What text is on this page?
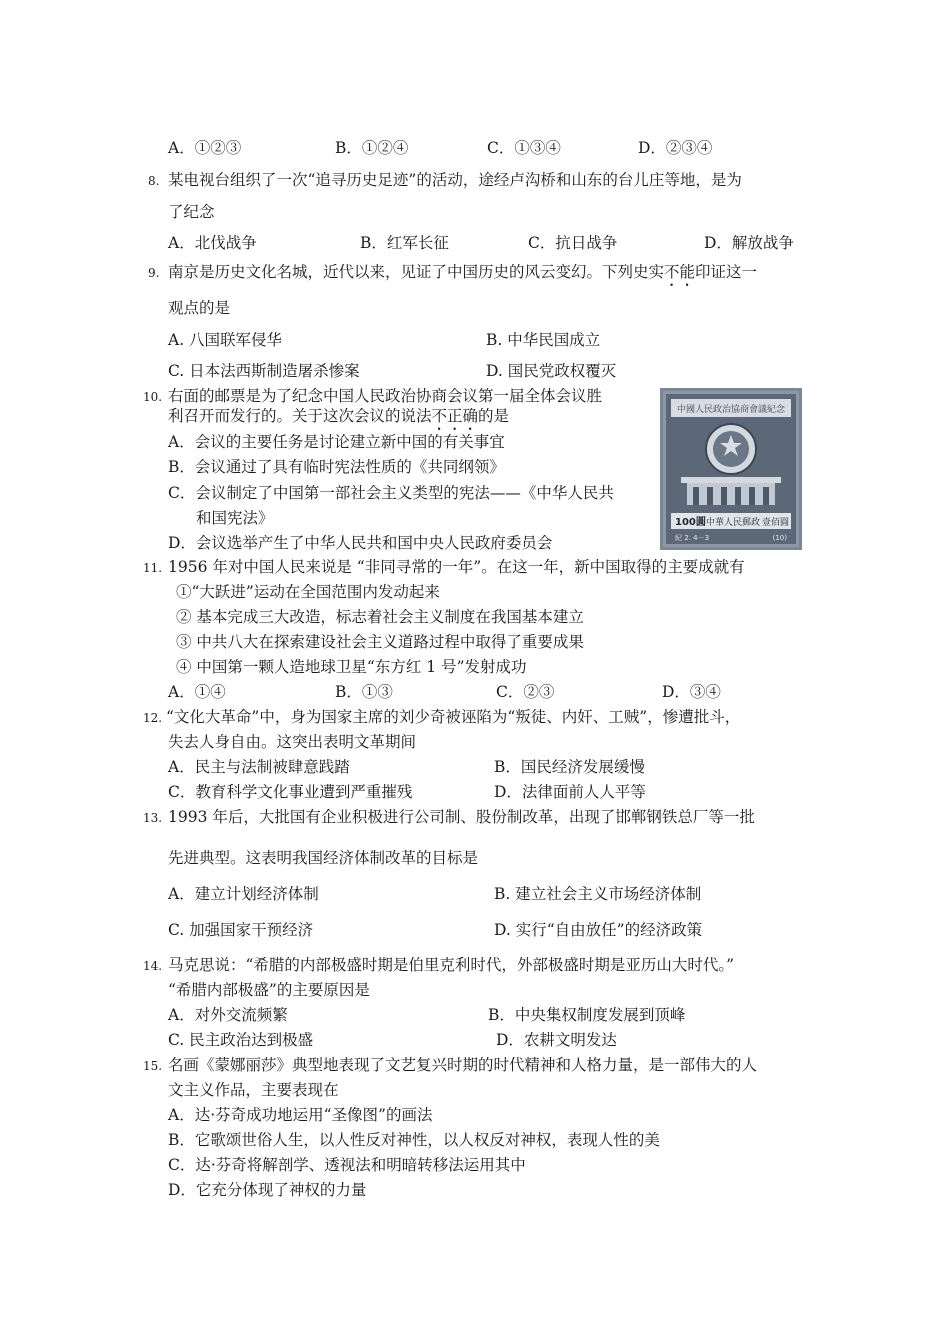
A．①②③	B．①②④	C．①③④	D．②③④
8. 某电视台组织了一次“追寻历史足迹”的活动，途经卢沟桥和山东的台儿庄等地，是为
了纪念
A．北伐战争	B．红军长征	C．抗日战争	D．解放战争
9. 南京是历史文化名城，近代以来，见证了中国历史的风云变幻。下列史实不能印证这一
观点的是
A. 八国联军侵华	B. 中华民国成立
C. 日本法西斯制造屠杀惨案	D. 国民党政权覆灭
10. 右面的邮票是为了纪念中国人民政治协商会议第一届全体会议胜
利召开而发行的。关于这次会议的说法不正确的是
A．会议的主要任务是讨论建立新中国的有关事宜
B．会议通过了具有临时宪法性质的《共同纲领》
C．会议制定了中国第一部社会主义类型的宪法——《中华人民共
和国宪法》
D．会议选举产生了中华人民共和国中央人民政府委员会
中國人民政治協商會議紀念
100圓 中華人民郵政 壹佰圓
紀 2. 4－3	(10)
11. 1956 年对中国人民来说是 “非同寻常的一年”。在这一年，新中国取得的主要成就有
①“大跃进”运动在全国范围内发动起来
② 基本完成三大改造，标志着社会主义制度在我国基本建立
③ 中共八大在探索建设社会主义道路过程中取得了重要成果
④ 中国第一颗人造地球卫星“东方红 1 号”发射成功
A．①④	B．①③	C．②③	D．③④
12. “文化大革命”中，身为国家主席的刘少奇被诬陷为“叛徒、内奸、工贼”，惨遭批斗，
失去人身自由。这突出表明文革期间
A．民主与法制被肆意践踏	B．国民经济发展缓慢
C．教育科学文化事业遭到严重摧残	D．法律面前人人平等
13. 1993 年后，大批国有企业积极进行公司制、股份制改革，出现了邯郸钢铁总厂等一批
先进典型。这表明我国经济体制改革的目标是
A．建立计划经济体制	B. 建立社会主义市场经济体制
C. 加强国家干预经济	D. 实行“自由放任”的经济政策
14. 马克思说：“希腊的内部极盛时期是伯里克利时代，外部极盛时期是亚历山大时代。”
“希腊内部极盛”的主要原因是
A．对外交流频繁	B．中央集权制度发展到顶峰
C. 民主政治达到极盛	D．农耕文明发达
15. 名画《蒙娜丽莎》典型地表现了文艺复兴时期的时代精神和人格力量，是一部伟大的人
文主义作品，主要表现在
A．达·芬奇成功地运用“圣像图”的画法
B．它歌颂世俗人生，以人性反对神性，以人权反对神权，表现人性的美
C．达·芬奇将解剖学、透视法和明暗转移法运用其中
D．它充分体现了神权的力量
